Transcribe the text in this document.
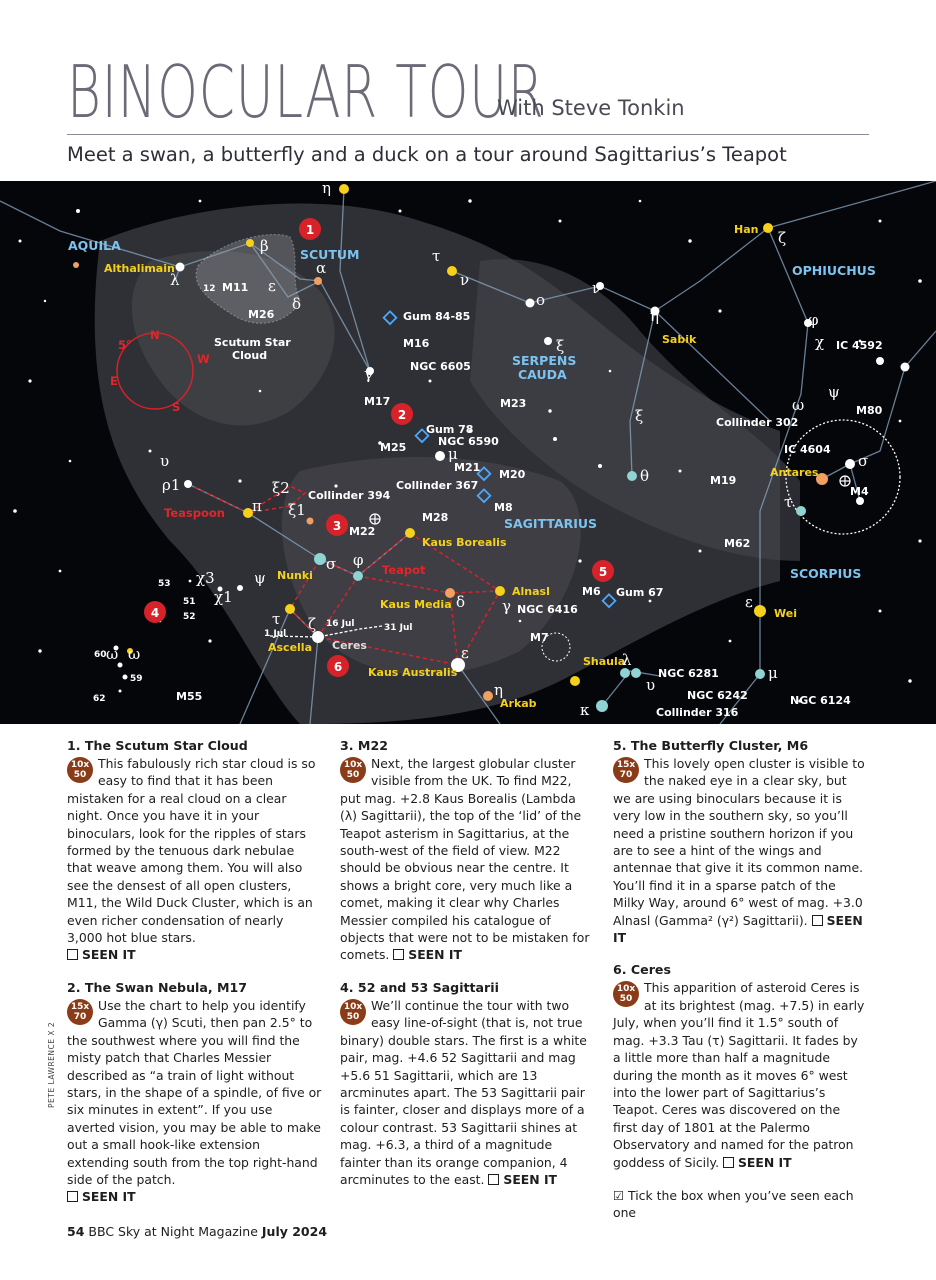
BINOCULAR TOUR
With Steve Tonkin
Meet a swan, a butterfly and a duck on a tour around Sagittarius’s Teapot
N
E
W
S
5°
1
2
3
4
5
6
AQUILA
SCUTUM
OPHIUCHUS
SERPENS
CAUDA
SAGITTARIUS
SCORPIUS
Althalimain
Han
Sabik
Antares
Nunki
Kaus Borealis
Kaus Media
Alnasl
Ascella
Kaus Australis
Arkab
Shaula
Wei
Gum 84-85
M16
NGC 6605
M17	M23
Gum 78
NGC 6590
M25
M21
M20
Collinder 367
M8
Collinder 394
M22
M28
M11
M26
Scutum Star
Cloud
IC 4592
M80
Collinder 302
IC 4604
M4
M19
M62
M6 Gum 67
NGC 6416
M7
NGC 6281
NGC 6242
Collinder 316
NGC 6124
M55
Ceres
12
53
51
52
59
60
62
Teaspoon
Teapot
1 Jul
16 Jul	31 Jul
η
β
ε
δ
α
λ
τ
ν
o
ξ
ζ
γ
μ
υ
ρ1	ξ2
ξ1
π
σ φ
χ3
χ1
ψ
ω
θ
κ
ψ
χ
φ
ω
σ
τ
ε
μ
υ
λ
η
ε
δ γ
ζ
τ
ξ
ν
η
ω
1. The Scutum Star Cloud
10x
50
This fabulously rich star cloud is so easy to find that it has been mistaken for a real cloud on a clear night. Once you have it in your binoculars, look for the ripples of stars formed by the tenuous dark nebulae that weave among them. You will also see the densest of all open clusters, M11, the Wild Duck Cluster, which is an even richer condensation of nearly 3,000 hot blue stars.
SEEN IT
2. The Swan Nebula, M17
15x
70
Use the chart to help you identify Gamma (γ) Scuti, then pan 2.5° to the southwest where you will find the misty patch that Charles Messier described as “a train of light without stars, in the shape of a spindle, of five or six minutes in extent”. If you use averted vision, you may be able to make out a small hook-like extension extending south from the top right-hand side of the patch.
SEEN IT
3. M22
10x
50
Next, the largest globular cluster visible from the UK. To find M22, put mag. +2.8 Kaus Borealis (Lambda (λ) Sagittarii), the top of the ‘lid’ of the Teapot asterism in Sagittarius, at the south-west of the field of view. M22 should be obvious near the centre. It shows a bright core, very much like a comet, making it clear why Charles Messier compiled his catalogue of objects that were not to be mistaken for comets. SEEN IT
4. 52 and 53 Sagittarii
10x
50
We’ll continue the tour with two easy line-of-sight (that is, not true binary) double stars. The first is a white pair, mag. +4.6 52 Sagittarii and mag +5.6 51 Sagittarii, which are 13 arcminutes apart. The 53 Sagittarii pair is fainter, closer and displays more of a colour contrast. 53 Sagittarii shines at mag. +6.3, a third of a magnitude fainter than its orange companion, 4 arcminutes to the east. SEEN IT
5. The Butterfly Cluster, M6
15x
70
This lovely open cluster is visible to the naked eye in a clear sky, but we are using binoculars because it is very low in the southern sky, so you’ll need a pristine southern horizon if you are to see a hint of the wings and antennae that give it its common name. You’ll find it in a sparse patch of the Milky Way, around 6° west of mag. +3.0 Alnasl (Gamma² (γ²) Sagittarii). SEEN IT
6. Ceres
10x
50
This apparition of asteroid Ceres is at its brightest (mag. +7.5) in early July, when you’ll find it 1.5° south of mag. +3.3 Tau (τ) Sagittarii. It fades by a little more than half a magnitude during the month as it moves 6° west into the lower part of Sagittarius’s Teapot. Ceres was discovered on the first day of 1801 at the Palermo Observatory and named for the patron goddess of Sicily. SEEN IT
☑ Tick the box when you’ve seen each one
PETE LAWRENCE X 2
54 BBC Sky at Night Magazine July 2024
